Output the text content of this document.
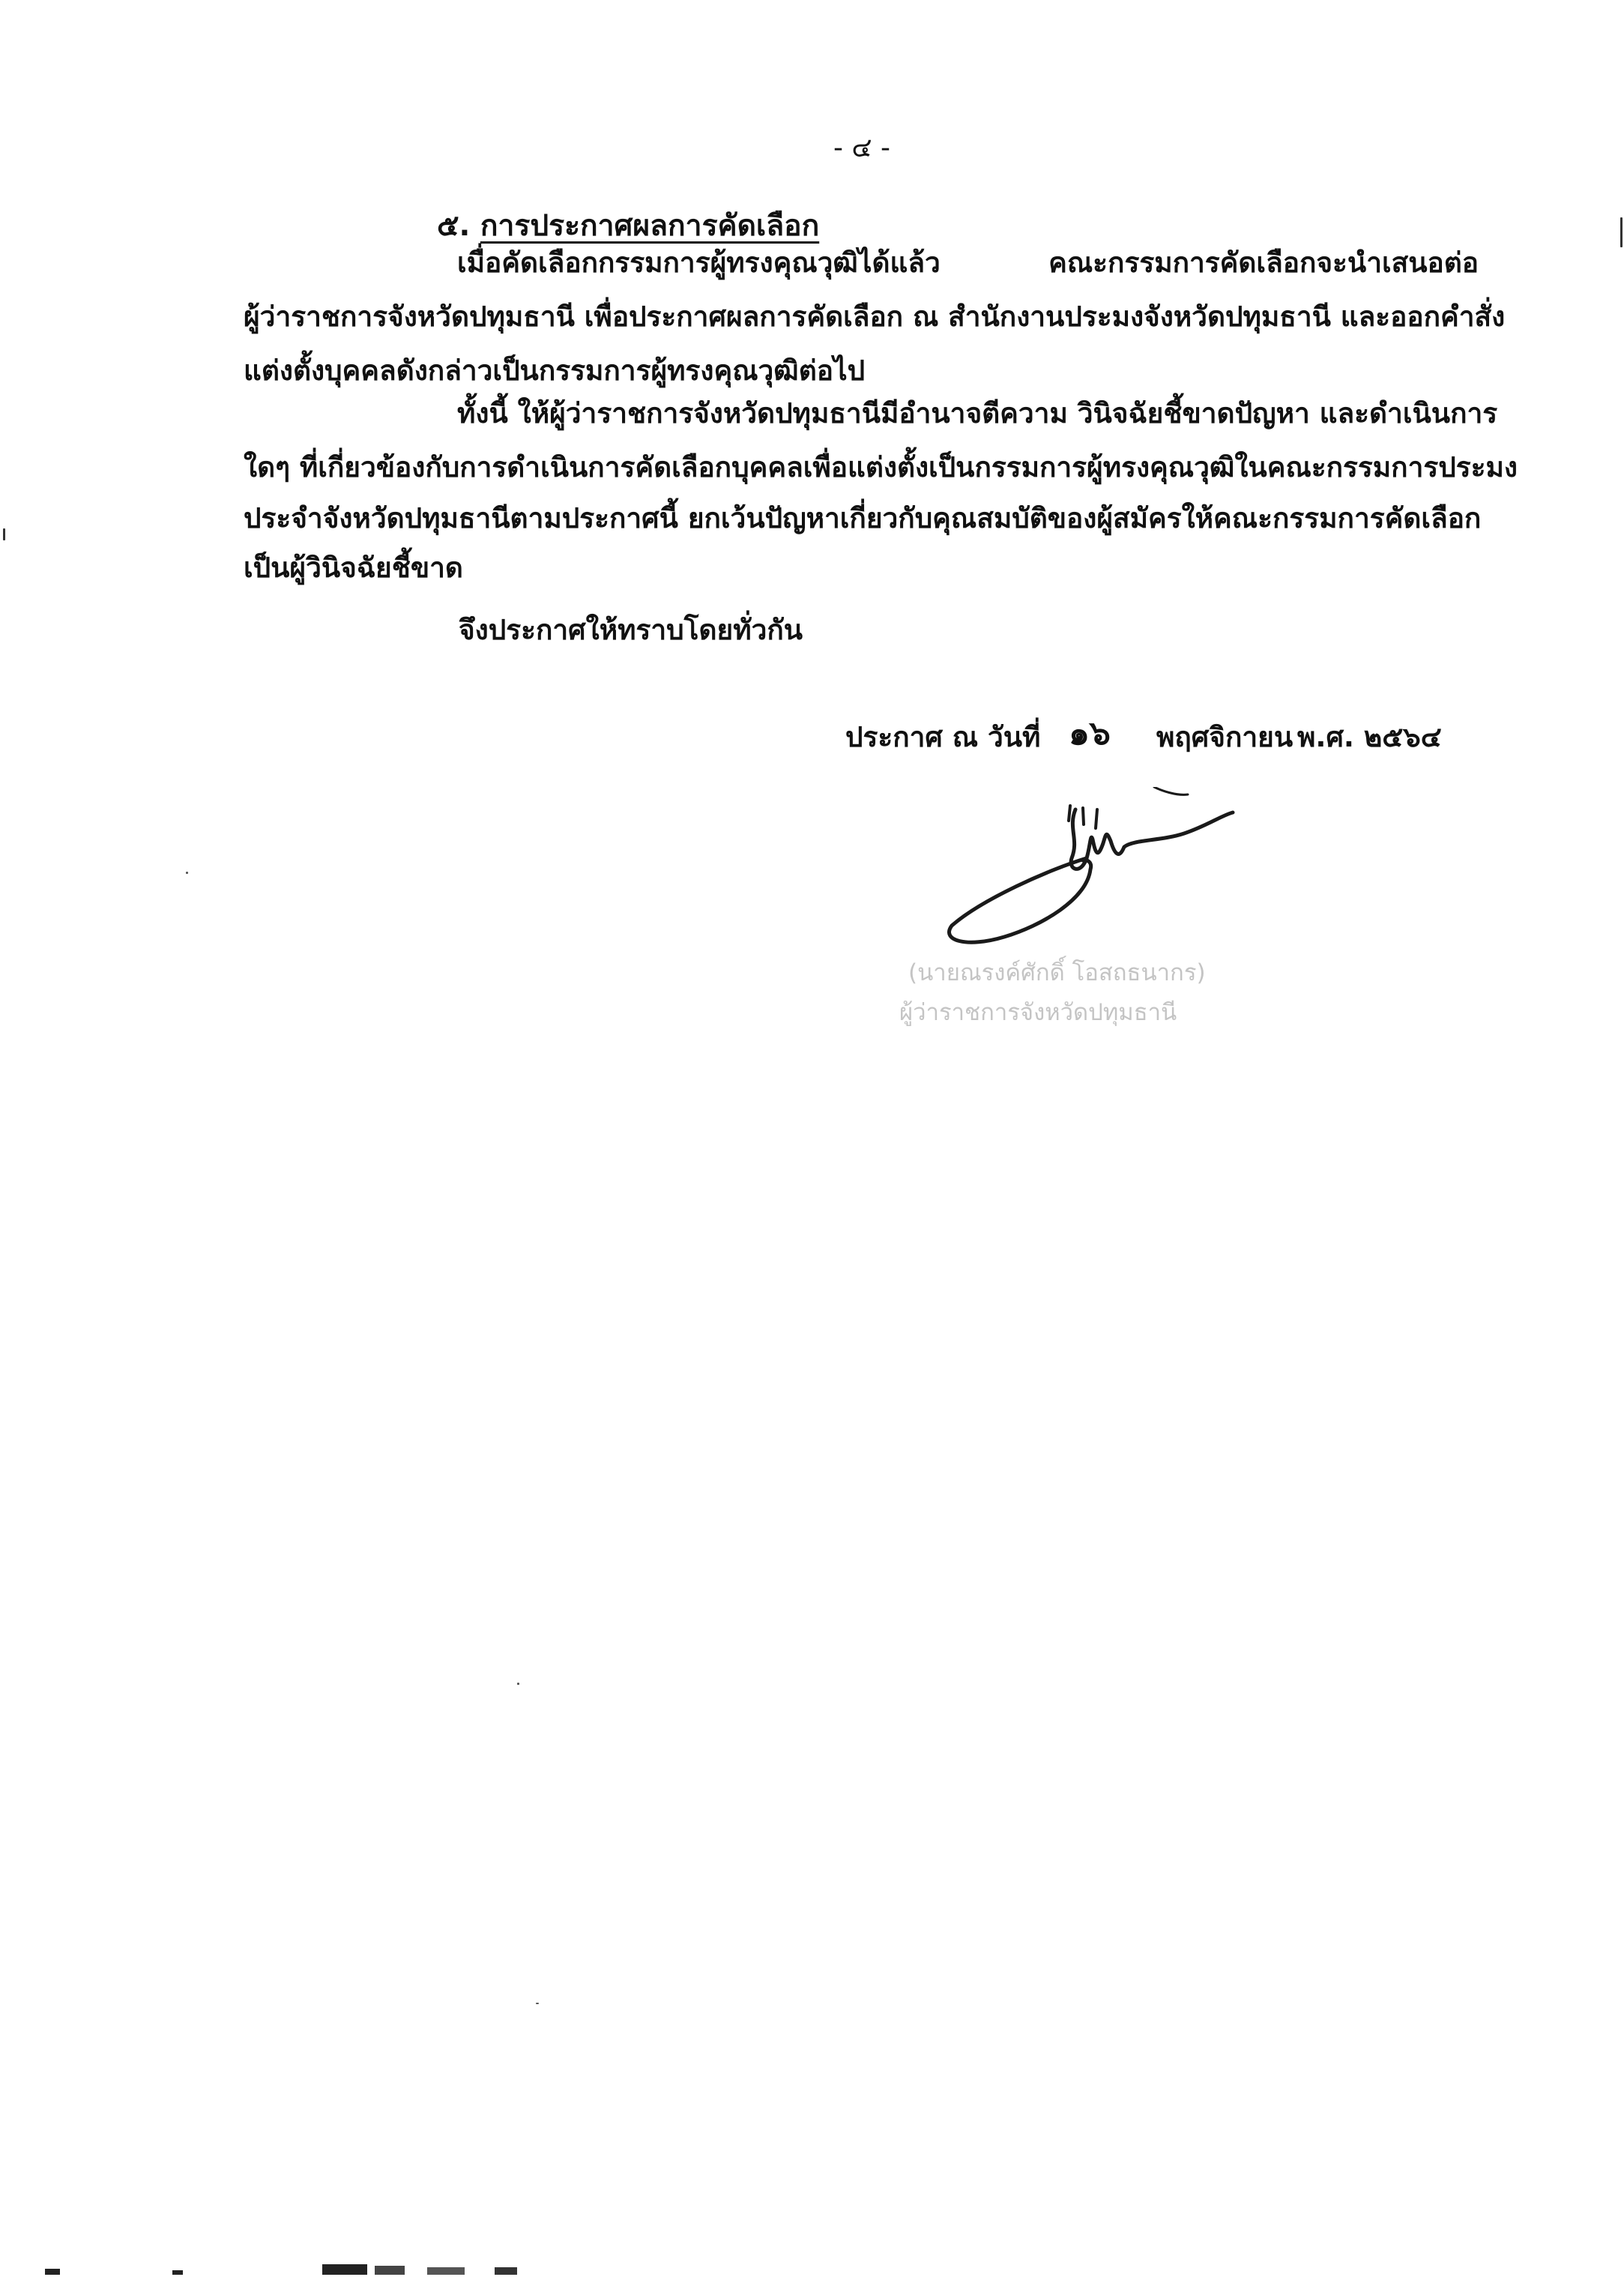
- ๔ -
๕. การประกาศผลการคัดเลือก
เมื่อคัดเลือกกรรมการผู้ทรงคุณวุฒิได้แล้ว คณะกรรมการคัดเลือกจะนำเสนอต่อ
ผู้ว่าราชการจังหวัดปทุมธานี เพื่อประกาศผลการคัดเลือก ณ สำนักงานประมงจังหวัดปทุมธานี และออกคำสั่ง
แต่งตั้งบุคคลดังกล่าวเป็นกรรมการผู้ทรงคุณวุฒิต่อไป
ทั้งนี้ ให้ผู้ว่าราชการจังหวัดปทุมธานีมีอำนาจตีความ วินิจฉัยชี้ขาดปัญหา และดำเนินการ
ใดๆ ที่เกี่ยวข้องกับการดำเนินการคัดเลือกบุคคลเพื่อแต่งตั้งเป็นกรรมการผู้ทรงคุณวุฒิในคณะกรรมการประมง
ประจำจังหวัดปทุมธานีตามประกาศนี้ ยกเว้นปัญหาเกี่ยวกับคุณสมบัติของผู้สมัครให้คณะกรรมการคัดเลือก
เป็นผู้วินิจฉัยชี้ขาด
จึงประกาศให้ทราบโดยทั่วกัน
ประกาศ ณ วันที่ ๑๖ พฤศจิกายน พ.ศ. ๒๕๖๔
(นายณรงค์ศักดิ์ โอสถธนากร)
ผู้ว่าราชการจังหวัดปทุมธานี
